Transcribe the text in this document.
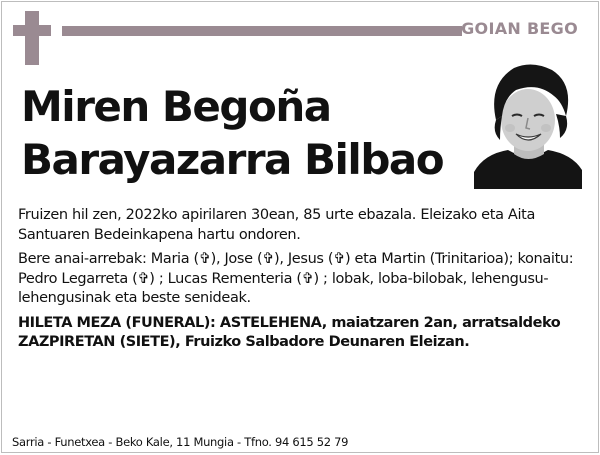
GOIAN BEGO
Miren Begoña
Barayazarra Bilbao

Fruizen hil zen, 2022ko apirilaren 30ean, 85 urte ebazala. Eleizako eta Aita Santuaren Bedeinkapena hartu ondoren.

Bere anai-arrebak: Maria (✞), Jose (✞), Jesus (✞) eta Martin (Trinitarioa); konaitu: Pedro Legarreta (✞) ; Lucas Rementeria (✞) ; lobak, loba-bilobak, lehengusu-lehengusinak eta beste senideak.

HILETA MEZA (FUNERAL): ASTELEHENA, maiatzaren 2an, arratsaldeko ZAZPIRETAN (SIETE), Fruizko Salbadore Deunaren Eleizan.

Sarria - Funetxea - Beko Kale, 11 Mungia - Tfno. 94 615 52 79
